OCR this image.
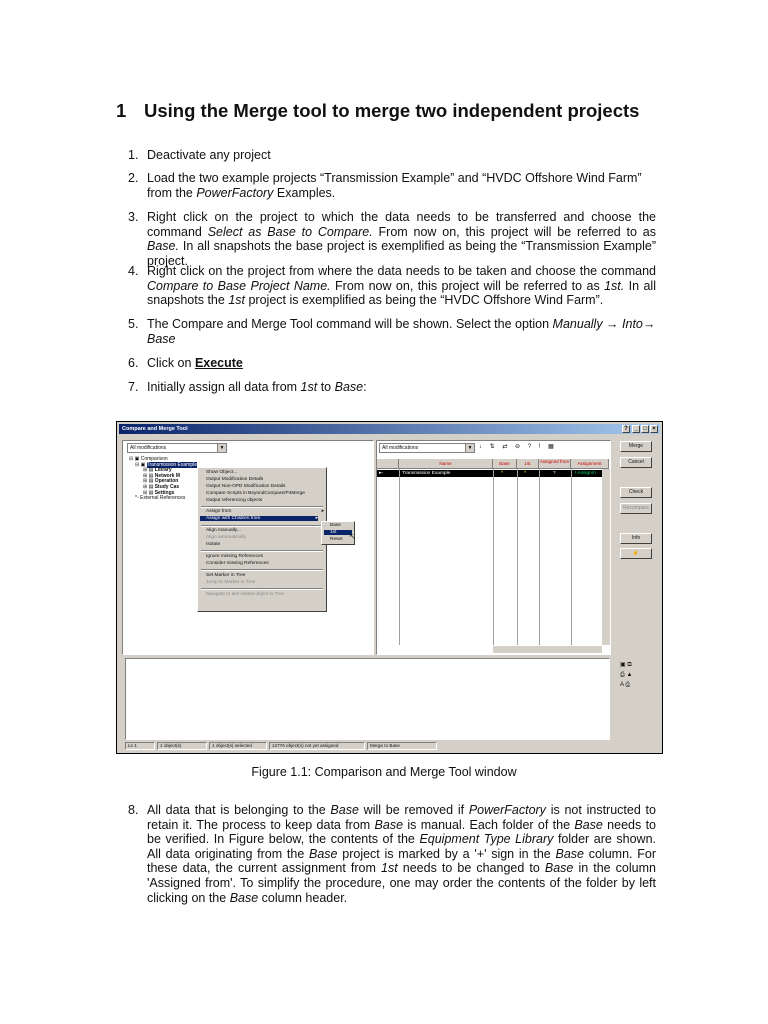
1 Using the Merge tool to merge two independent projects
1. Deactivate any project
2. Load the two example projects “Transmission Example” and “HVDC Offshore Wind Farm” from the PowerFactory Examples.
3. Right click on the project to which the data needs to be transferred and choose the command Select as Base to Compare. From now on, this project will be referred to as Base. In all snapshots the base project is exemplified as being the “Transmission Example” project.
4. Right click on the project from where the data needs to be taken and choose the command Compare to Base Project Name. From now on, this project will be referred to as 1st. In all snapshots the 1st project is exemplified as being the “HVDC Offshore Wind Farm”.
5. The Compare and Merge Tool command will be shown. Select the option Manually → Into→ Base
6. Click on Execute
7. Initially assign all data from 1st to Base:
Compare and Merge Tool	?	_ □ ×
All modifications	▼
⊟ ▣ Comparison
⊟ ▣ Transmission Example
⊞ ▤ Library
⊞ ▤ Network M
⊞ ▤ Operation
⊞ ▤ Study Cas
⊞ ▤ Settings
*▫ External References
Show Object...
Output Modification Details
Output Non-OPD Modification Details
Compare Scripts in BeyondCompare/P4Merge
Output referencing objects
Assign from	▸
Assign with Children from	▸
Align manually...
Align automatically
Isolate
Ignore missing References
Consider missing References
Set Marker in Tree
Jump to Marker in Tree
Navigate to last visited object in Tree
Base
1st
Reset ↖
All modifications	▼ ↓ ⇅ ⇄ ⊖ ? ! ▦
Name	Base	1st	Assigned from	Assignment
▸▫	Transmission Example	^	^	?	! Assignm
Merge
Cancel
Check
Recompare
Info
☝
▣ ⧉
⎙ ▲
A ⎙
Ln 1	1 object(s)	1 object(s) selected	12776 object(s) not yet assigned	Merge to Base
Figure 1.1: Comparison and Merge Tool window
8. All data that is belonging to the Base will be removed if PowerFactory is not instructed to retain it. The process to keep data from Base is manual. Each folder of the Base needs to be verified. In Figure below, the contents of the Equipment Type Library folder are shown. All data originating from the Base project is marked by a '+' sign in the Base column. For these data, the current assignment from 1st needs to be changed to Base in the column 'Assigned from'. To simplify the procedure, one may order the contents of the folder by left clicking on the Base column header.
